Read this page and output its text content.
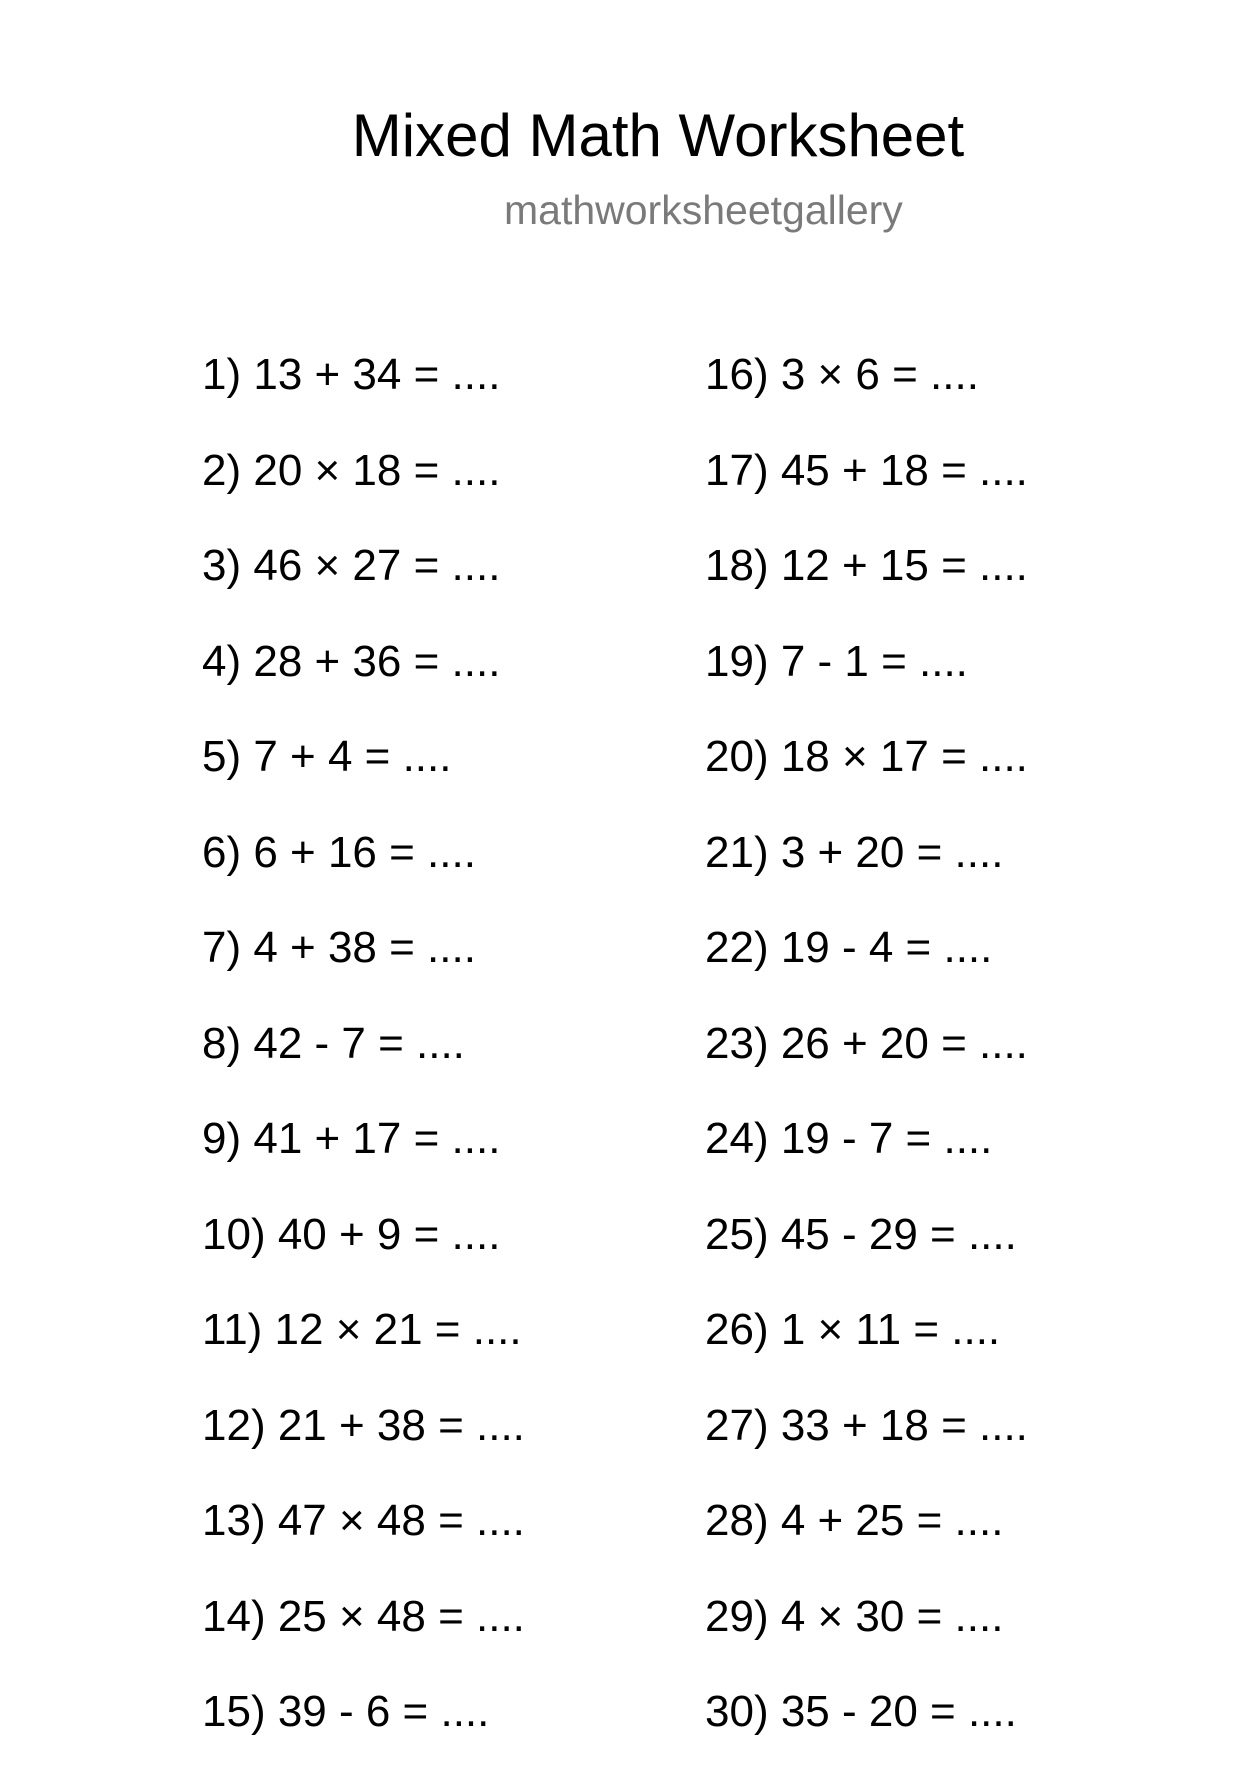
Mixed Math Worksheet
mathworksheetgallery
1) 13 + 34 = ....
2) 20 × 18 = ....
3) 46 × 27 = ....
4) 28 + 36 = ....
5) 7 + 4 = ....
6) 6 + 16 = ....
7) 4 + 38 = ....
8) 42 - 7 = ....
9) 41 + 17 = ....
10) 40 + 9 = ....
11) 12 × 21 = ....
12) 21 + 38 = ....
13) 47 × 48 = ....
14) 25 × 48 = ....
15) 39 - 6 = ....
16) 3 × 6 = ....
17) 45 + 18 = ....
18) 12 + 15 = ....
19) 7 - 1 = ....
20) 18 × 17 = ....
21) 3 + 20 = ....
22) 19 - 4 = ....
23) 26 + 20 = ....
24) 19 - 7 = ....
25) 45 - 29 = ....
26) 1 × 11 = ....
27) 33 + 18 = ....
28) 4 + 25 = ....
29) 4 × 30 = ....
30) 35 - 20 = ....
